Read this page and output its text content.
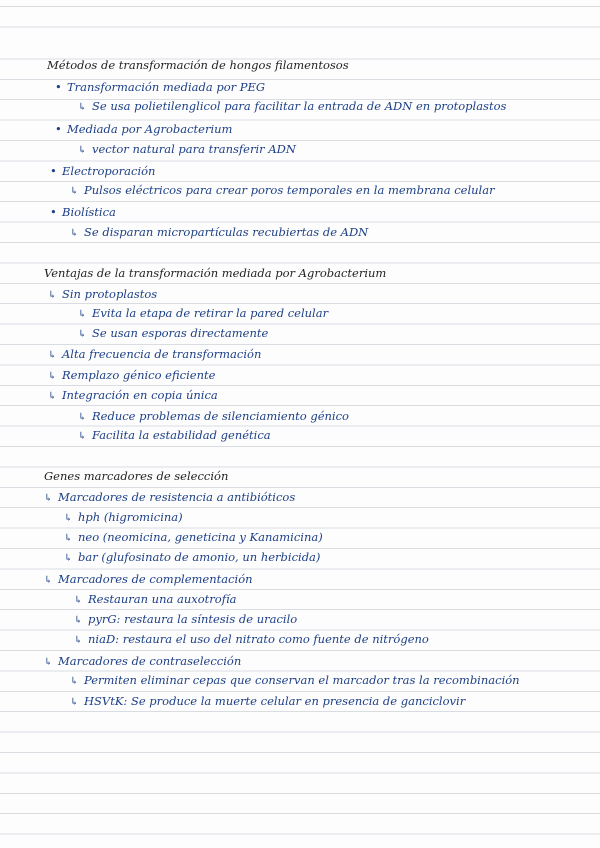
Métodos de transformación de hongos filamentosos
• Transformación mediada por PEG
↳ Se usa polietilenglicol para facilitar la entrada de ADN en protoplastos
• Mediada por Agrobacterium
↳ vector natural para transferir ADN
• Electroporación
↳ Pulsos eléctricos para crear poros temporales en la membrana celular
• Biolística
↳ Se disparan micropartículas recubiertas de ADN
Ventajas de la transformación mediada por Agrobacterium
↳ Sin protoplastos
↳ Evita la etapa de retirar la pared celular
↳ Se usan esporas directamente
↳ Alta frecuencia de transformación
↳ Remplazo génico eficiente
↳ Integración en copia única
↳ Reduce problemas de silenciamiento génico
↳ Facilita la estabilidad genética
Genes marcadores de selección
↳ Marcadores de resistencia a antibióticos
↳ hph (higromicina)
↳ neo (neomicina, geneticina y Kanamicina)
↳ bar (glufosinato de amonio, un herbicida)
↳ Marcadores de complementación
↳ Restauran una auxotrofía
↳ pyrG: restaura la síntesis de uracilo
↳ niaD: restaura el uso del nitrato como fuente de nitrógeno
↳ Marcadores de contraselección
↳ Permiten eliminar cepas que conservan el marcador tras la recombinación
↳ HSVtK: Se produce la muerte celular en presencia de ganciclovir
